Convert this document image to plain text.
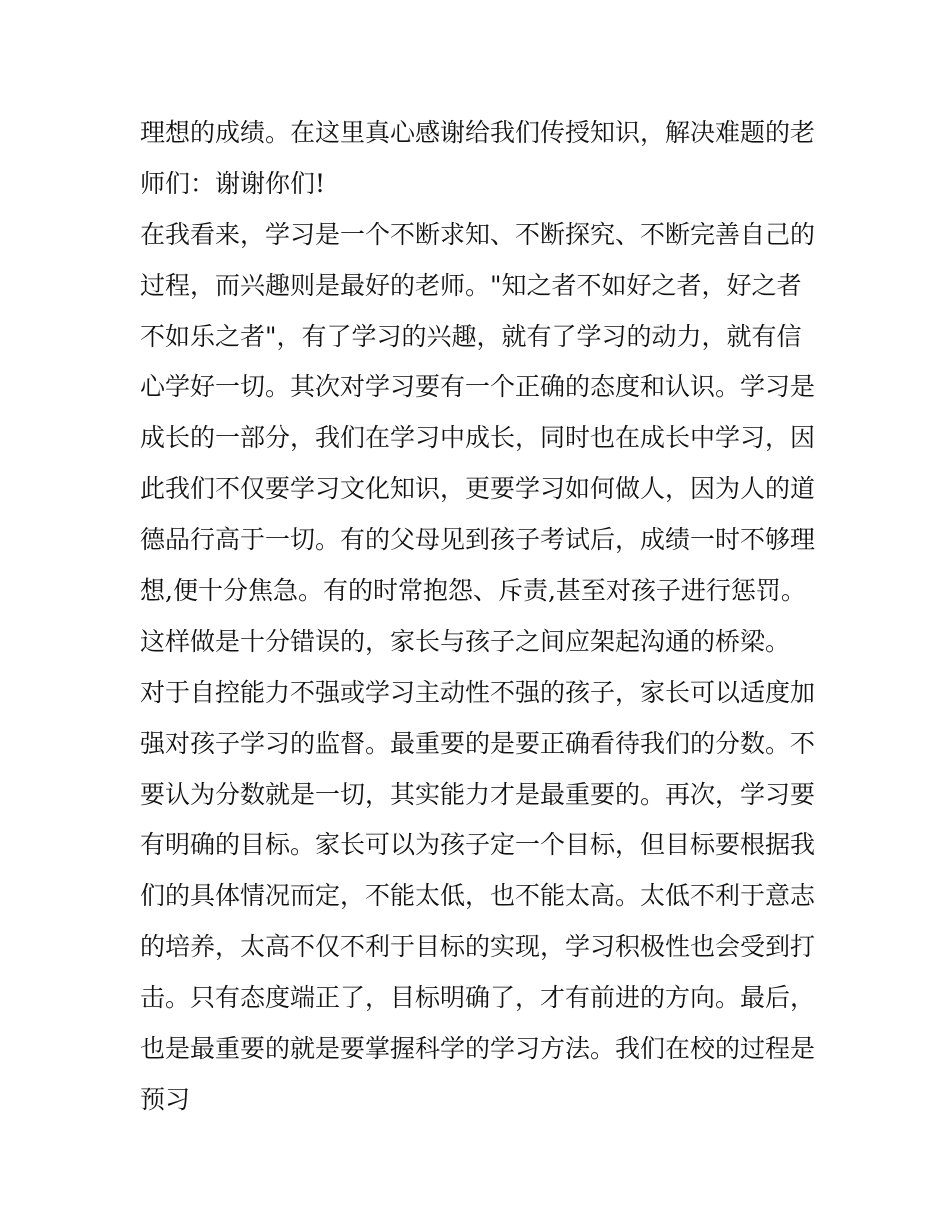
理想的成绩。在这里真心感谢给我们传授知识，解决难题的老
师们：谢谢你们!
在我看来，学习是一个不断求知、不断探究、不断完善自己的
过程，而兴趣则是最好的老师。"知之者不如好之者，好之者
不如乐之者"，有了学习的兴趣，就有了学习的动力，就有信
心学好一切。其次对学习要有一个正确的态度和认识。学习是
成长的一部分，我们在学习中成长，同时也在成长中学习，因
此我们不仅要学习文化知识，更要学习如何做人，因为人的道
德品行高于一切。有的父母见到孩子考试后，成绩一时不够理
想,便十分焦急。有的时常抱怨、斥责,甚至对孩子进行惩罚。
这样做是十分错误的，家长与孩子之间应架起沟通的桥梁。
对于自控能力不强或学习主动性不强的孩子，家长可以适度加
强对孩子学习的监督。最重要的是要正确看待我们的分数。不
要认为分数就是一切，其实能力才是最重要的。再次，学习要
有明确的目标。家长可以为孩子定一个目标，但目标要根据我
们的具体情况而定，不能太低，也不能太高。太低不利于意志
的培养，太高不仅不利于目标的实现，学习积极性也会受到打
击。只有态度端正了，目标明确了，才有前进的方向。最后，
也是最重要的就是要掌握科学的学习方法。我们在校的过程是
预习
